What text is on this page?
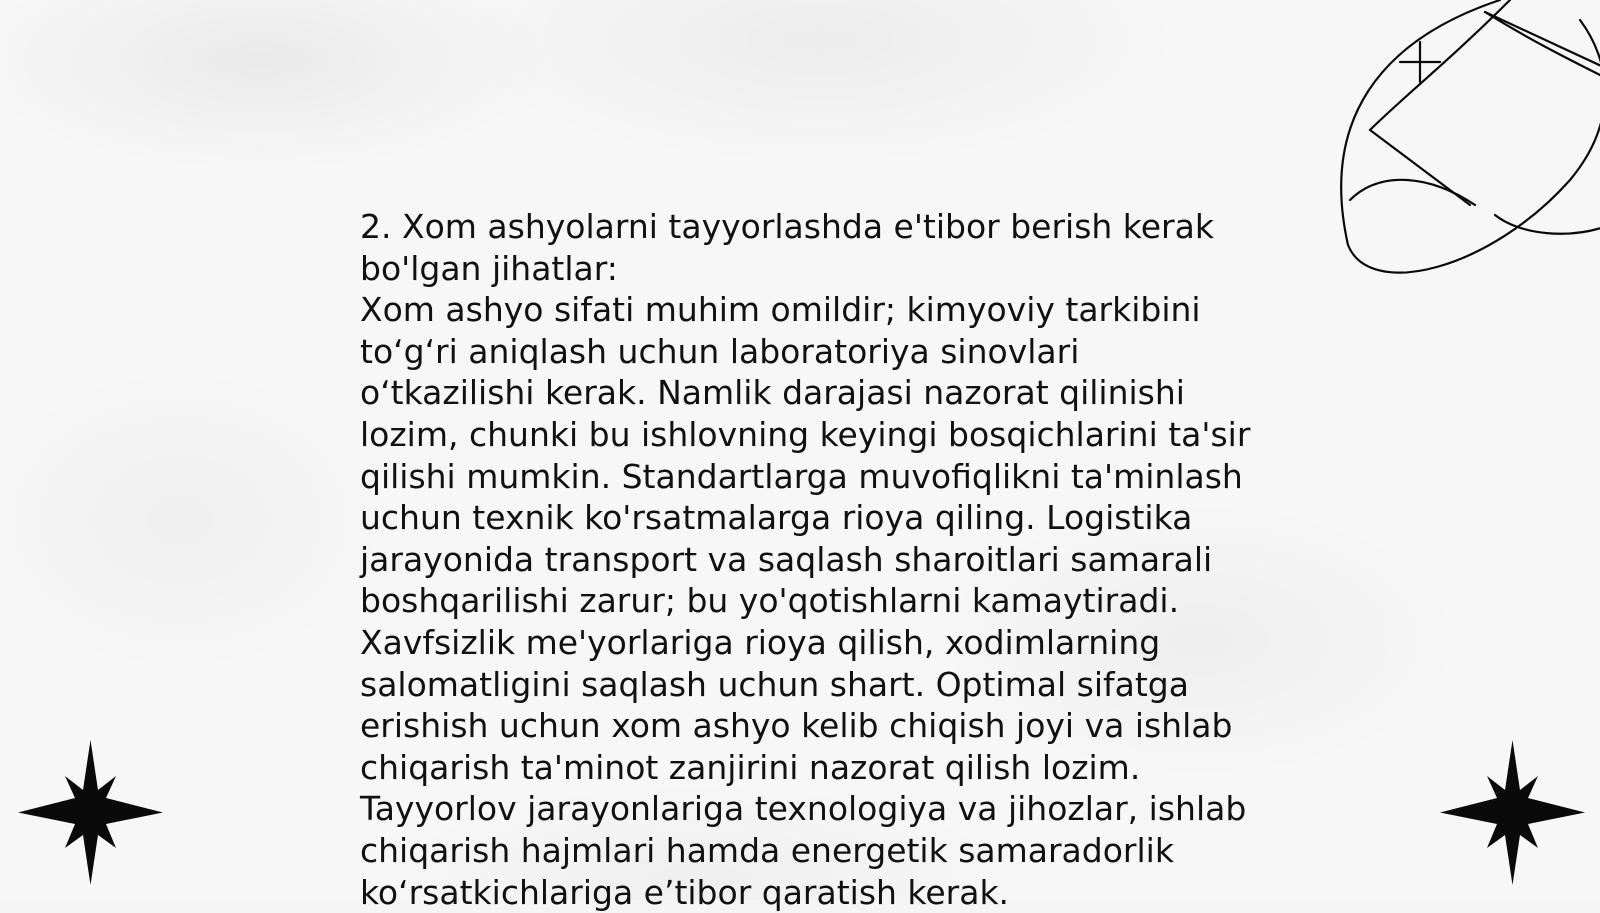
2. Xom ashyolarni tayyorlashda e'tibor berish kerak bo'lgan jihatlar:

Xom ashyo sifati muhim omildir; kimyoviy tarkibini to‘g‘ri aniqlash uchun laboratoriya sinovlari o‘tkazilishi kerak. Namlik darajasi nazorat qilinishi lozim, chunki bu ishlovning keyingi bosqichlarini ta'sir qilishi mumkin. Standartlarga muvofiqlikni ta'minlash uchun texnik ko'rsatmalarga rioya qiling. Logistika jarayonida transport va saqlash sharoitlari samarali boshqarilishi zarur; bu yo'qotishlarni kamaytiradi. Xavfsizlik me'yorlariga rioya qilish, xodimlarning salomatligini saqlash uchun shart. Optimal sifatga erishish uchun xom ashyo kelib chiqish joyi va ishlab chiqarish ta'minot zanjirini nazorat qilish lozim. Tayyorlov jarayonlariga texnologiya va jihozlar, ishlab chiqarish hajmlari hamda energetik samaradorlik ko‘rsatkichlariga e’tibor qaratish kerak.
